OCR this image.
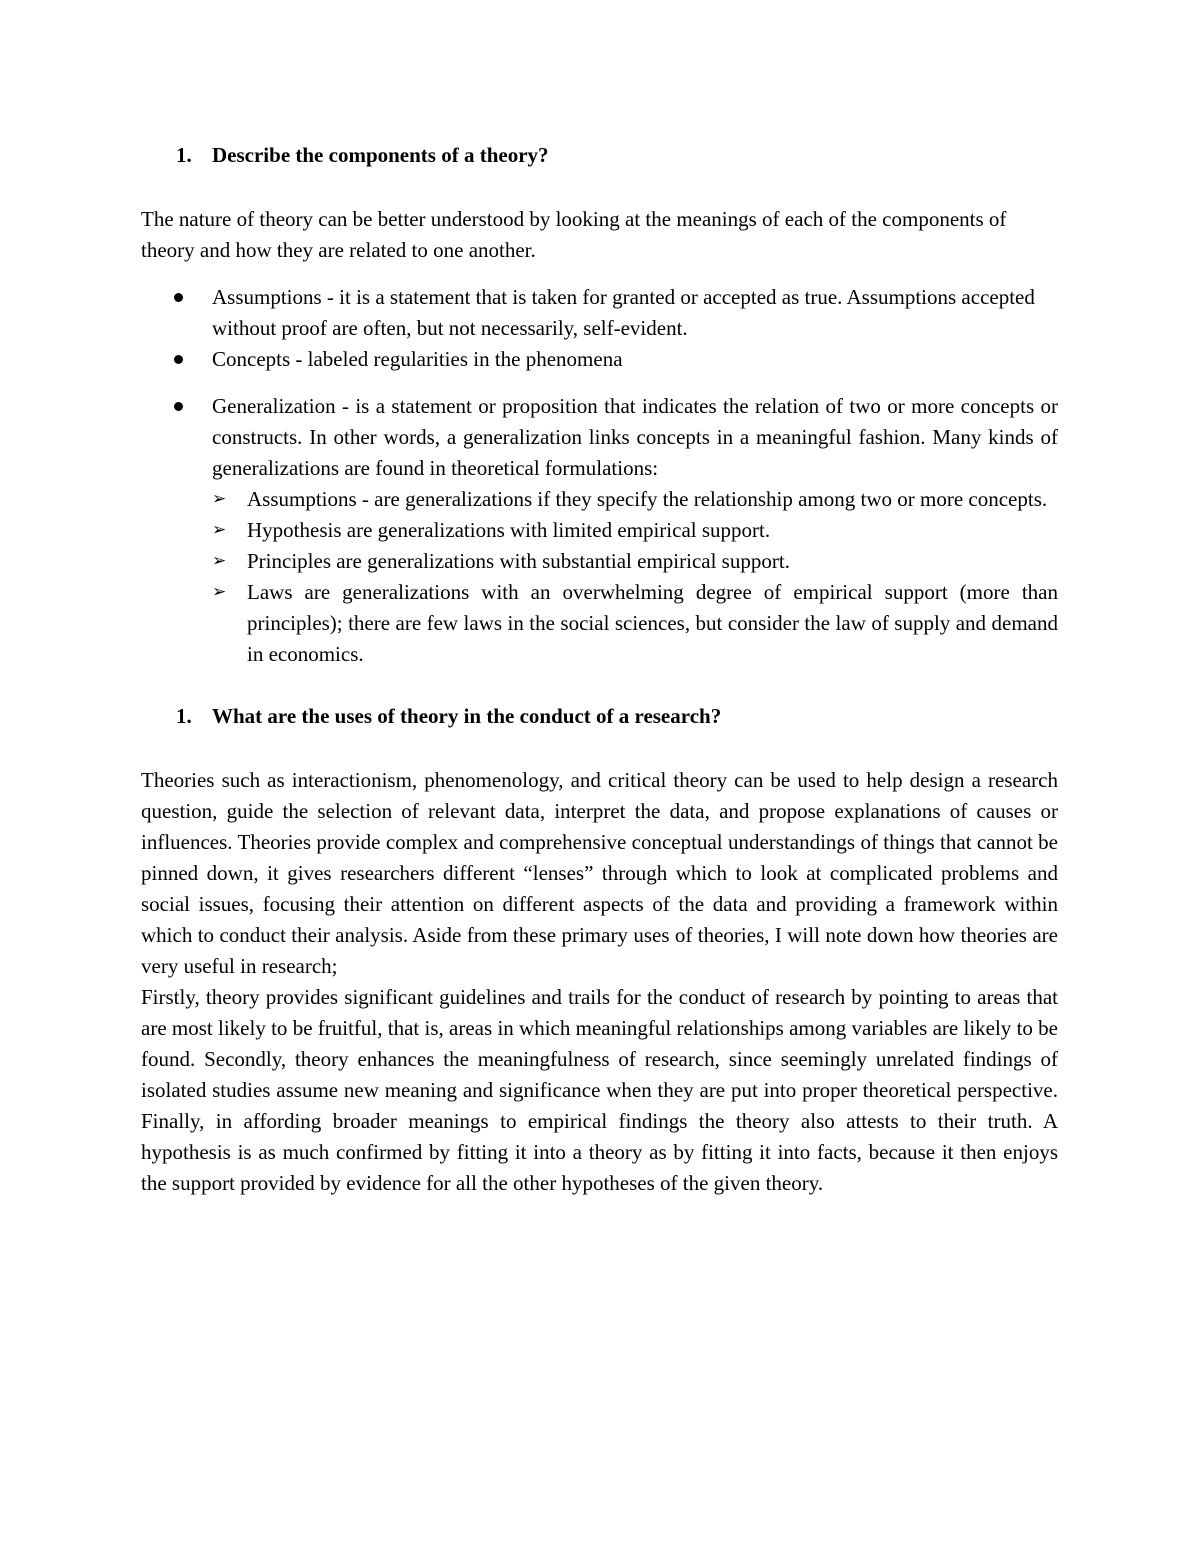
1. Describe the components of a theory?

The nature of theory can be better understood by looking at the meanings of each of the components of theory and how they are related to one another.

Assumptions - it is a statement that is taken for granted or accepted as true. Assumptions accepted without proof are often, but not necessarily, self-evident.
Concepts - labeled regularities in the phenomena
Generalization - is a statement or proposition that indicates the relation of two or more concepts or constructs. In other words, a generalization links concepts in a meaningful fashion. Many kinds of generalizations are found in theoretical formulations:
➢ Assumptions - are generalizations if they specify the relationship among two or more concepts.
➢ Hypothesis are generalizations with limited empirical support.
➢ Principles are generalizations with substantial empirical support.
➢ Laws are generalizations with an overwhelming degree of empirical support (more than principles); there are few laws in the social sciences, but consider the law of supply and demand in economics.
1. What are the uses of theory in the conduct of a research?

Theories such as interactionism, phenomenology, and critical theory can be used to help design a research question, guide the selection of relevant data, interpret the data, and propose explanations of causes or influences. Theories provide complex and comprehensive conceptual understandings of things that cannot be pinned down, it gives researchers different “lenses” through which to look at complicated problems and social issues, focusing their attention on different aspects of the data and providing a framework within which to conduct their analysis. Aside from these primary uses of theories, I will note down how theories are very useful in research;

Firstly, theory provides significant guidelines and trails for the conduct of research by pointing to areas that are most likely to be fruitful, that is, areas in which meaningful relationships among variables are likely to be found. Secondly, theory enhances the meaningfulness of research, since seemingly unrelated findings of isolated studies assume new meaning and significance when they are put into proper theoretical perspective. Finally, in affording broader meanings to empirical findings the theory also attests to their truth. A hypothesis is as much confirmed by fitting it into a theory as by fitting it into facts, because it then enjoys the support provided by evidence for all the other hypotheses of the given theory.
